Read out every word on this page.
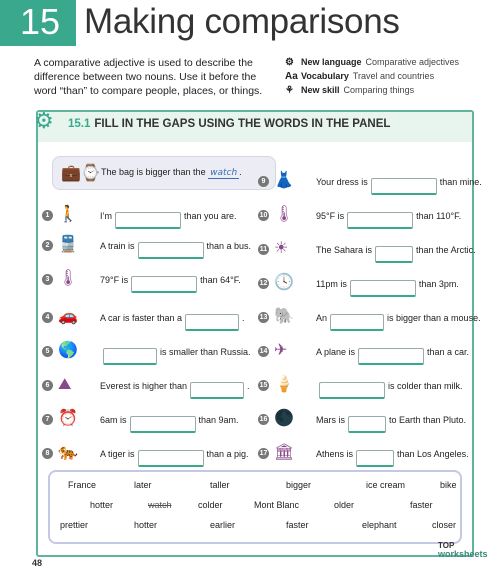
15 Making comparisons
A comparative adjective is used to describe the difference between two nouns. Use it before the word “than” to compare people, places, or things.
⚙ New language Comparative adjectives
Aa Vocabulary Travel and countries
⚘ New skill Comparing things
⚙	15.1 FILL IN THE GAPS USING THE WORDS IN THE PANEL
💼⌚ The bag is bigger than the watch .
1 🚶 I’m	than you are.
2 🚆 A train is	than a bus.
3 🌡 79°F is	than 64°F.
4 🚗 A car is faster than a	.
5 🌎	is smaller than Russia.
6 ⛰	Everest is higher than	.
7 ⏰ 6am is	than 9am.
8 🐅 A tiger is	than a pig.
9 👗 Your dress is	than mine.
10 🌡 95°F is	than 110°F.
11 ☀	The Sahara is	than the Arctic.
12 🕓 11pm is	than 3pm.
13 🐘 An	is bigger than a mouse.
14 ✈	A plane is	than a car.
15 🍦	is colder than milk.
16 🌑 Mars is	to Earth than Pluto.
17 🏛 Athens is	than Los Angeles.
France	later	taller	bigger	ice cream	bike
hotter	watch	colder	Mont Blanc	older	faster
prettier	hotter	earlier	faster	elephant	closer
48
TOP
worksheets
